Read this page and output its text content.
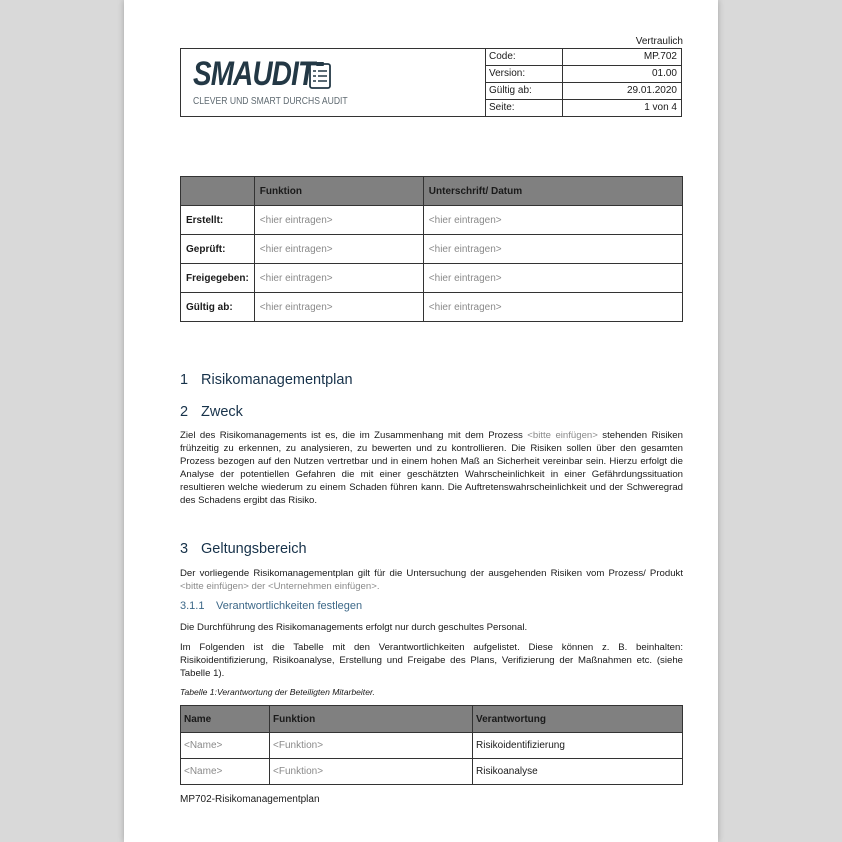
Vertraulich
SMAUDIT
CLEVER UND SMART DURCHS AUDIT
Code:	MP.702
Version:	01.00
Gültig ab:	29.01.2020
Seite:	1 von 4
	Funktion	Unterschrift/ Datum
Erstellt:	<hier eintragen>	<hier eintragen>
Geprüft:	<hier eintragen>	<hier eintragen>
Freigegeben:	<hier eintragen>	<hier eintragen>
Gültig ab:	<hier eintragen>	<hier eintragen>
1 Risikomanagementplan
2 Zweck
Ziel des Risikomanagements ist es, die im Zusammenhang mit dem Prozess <bitte einfügen> stehenden Risiken frühzeitig zu erkennen, zu analysieren, zu bewerten und zu kontrollieren. Die Risiken sollen über den gesamten Prozess bezogen auf den Nutzen vertretbar und in einem hohen Maß an Sicherheit vereinbar sein. Hierzu erfolgt die Analyse der potentiellen Gefahren die mit einer geschätzten Wahrscheinlichkeit in einer Gefährdungssituation resultieren welche wiederum zu einem Schaden führen kann. Die Auftretenswahrscheinlichkeit und der Schweregrad des Schadens ergibt das Risiko.
3 Geltungsbereich
Der vorliegende Risikomanagementplan gilt für die Untersuchung der ausgehenden Risiken vom Prozess/ Produkt <bitte einfügen> der <Unternehmen einfügen>.
3.1.1 Verantwortlichkeiten festlegen
Die Durchführung des Risikomanagements erfolgt nur durch geschultes Personal.
Im Folgenden ist die Tabelle mit den Verantwortlichkeiten aufgelistet. Diese können z. B. beinhalten: Risikoidentifizierung, Risikoanalyse, Erstellung und Freigabe des Plans, Verifizierung der Maßnahmen etc. (siehe Tabelle 1).
Tabelle 1:Verantwortung der Beteiligten Mitarbeiter.
Name	Funktion	Verantwortung
<Name>	<Funktion>	Risikoidentifizierung
<Name>	<Funktion>	Risikoanalyse
MP702-Risikomanagementplan
